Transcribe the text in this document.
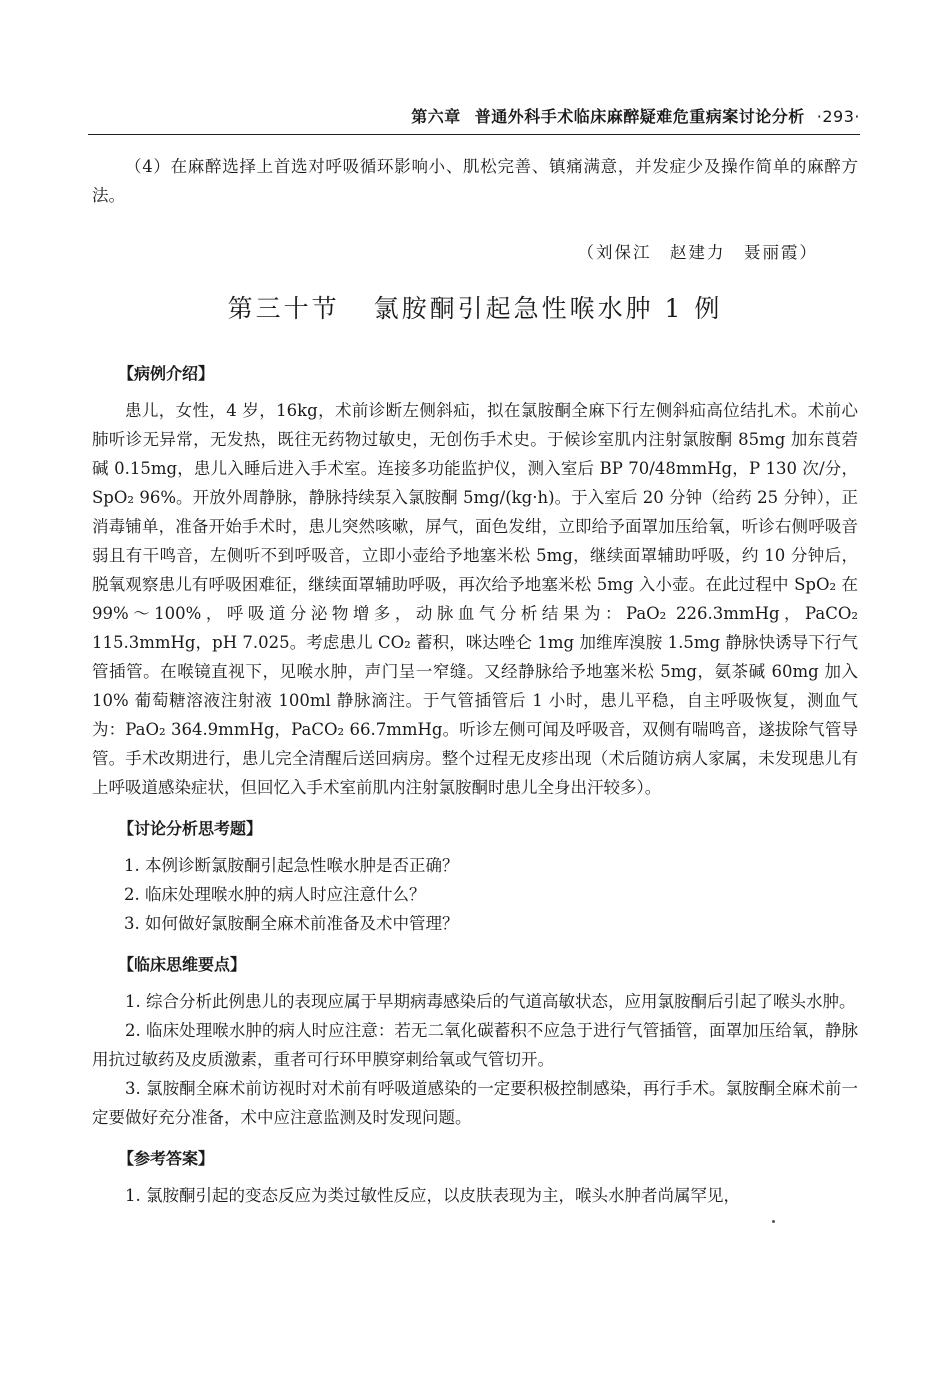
第六章 普通外科手术临床麻醉疑难危重病案讨论分析 ·293·

（4）在麻醉选择上首选对呼吸循环影响小、肌松完善、镇痛满意，并发症少及操作简单的麻醉方法。

（刘保江　赵建力　聂丽霞）

第三十节 氯胺酮引起急性喉水肿 1 例
【病例介绍】

患儿，女性，4 岁，16kg，术前诊断左侧斜疝，拟在氯胺酮全麻下行左侧斜疝高位结扎术。术前心肺听诊无异常，无发热，既往无药物过敏史，无创伤手术史。于候诊室肌内注射氯胺酮 85mg 加东莨菪碱 0.15mg，患儿入睡后进入手术室。连接多功能监护仪，测入室后 BP 70/48mmHg，P 130 次/分，SpO₂ 96%。开放外周静脉，静脉持续泵入氯胺酮 5mg/(kg·h)。于入室后 20 分钟（给药 25 分钟），正消毒铺单，准备开始手术时，患儿突然咳嗽，屏气，面色发绀，立即给予面罩加压给氧，听诊右侧呼吸音弱且有干鸣音，左侧听不到呼吸音，立即小壶给予地塞米松 5mg，继续面罩辅助呼吸，约 10 分钟后，脱氧观察患儿有呼吸困难征，继续面罩辅助呼吸，再次给予地塞米松 5mg 入小壶。在此过程中 SpO₂ 在 99%～100%，呼吸道分泌物增多，动脉血气分析结果为：PaO₂ 226.3mmHg，PaCO₂ 115.3mmHg，pH 7.025。考虑患儿 CO₂ 蓄积，咪达唑仑 1mg 加维库溴胺 1.5mg 静脉快诱导下行气管插管。在喉镜直视下，见喉水肿，声门呈一窄缝。又经静脉给予地塞米松 5mg，氨茶碱 60mg 加入 10% 葡萄糖溶液注射液 100ml 静脉滴注。于气管插管后 1 小时，患儿平稳，自主呼吸恢复，测血气为：PaO₂ 364.9mmHg，PaCO₂ 66.7mmHg。听诊左侧可闻及呼吸音，双侧有喘鸣音，遂拔除气管导管。手术改期进行，患儿完全清醒后送回病房。整个过程无皮疹出现（术后随访病人家属，未发现患儿有上呼吸道感染症状，但回忆入手术室前肌内注射氯胺酮时患儿全身出汗较多）。

【讨论分析思考题】

1. 本例诊断氯胺酮引起急性喉水肿是否正确？

2. 临床处理喉水肿的病人时应注意什么？

3. 如何做好氯胺酮全麻术前准备及术中管理？

【临床思维要点】

1. 综合分析此例患儿的表现应属于早期病毒感染后的气道高敏状态，应用氯胺酮后引起了喉头水肿。

2. 临床处理喉水肿的病人时应注意：若无二氧化碳蓄积不应急于进行气管插管，面罩加压给氧，静脉用抗过敏药及皮质激素，重者可行环甲膜穿刺给氧或气管切开。

3. 氯胺酮全麻术前访视时对术前有呼吸道感染的一定要积极控制感染，再行手术。氯胺酮全麻术前一定要做好充分准备，术中应注意监测及时发现问题。

【参考答案】

1. 氯胺酮引起的变态反应为类过敏性反应，以皮肤表现为主，喉头水肿者尚属罕见，
